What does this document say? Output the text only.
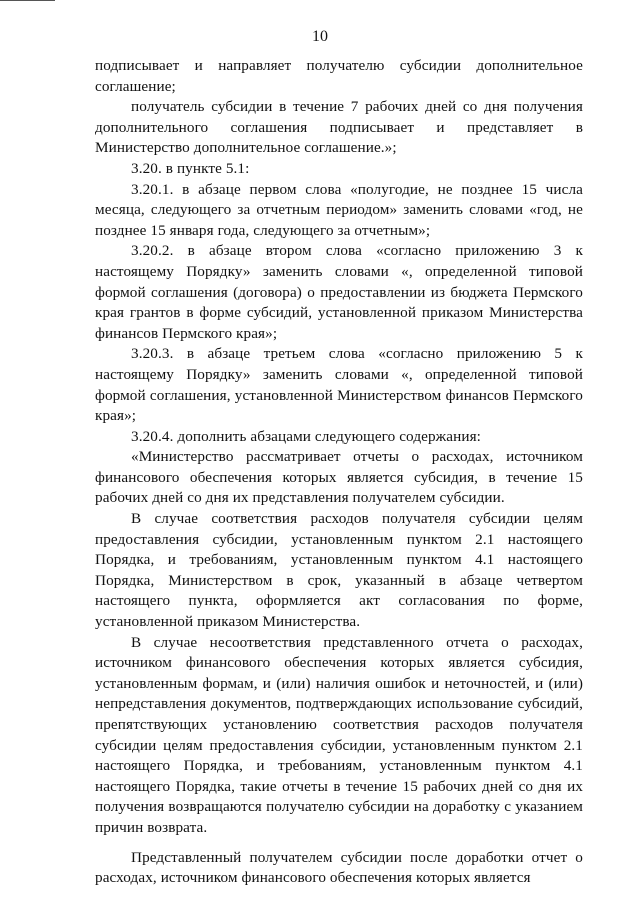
10

подписывает и направляет получателю субсидии дополнительное соглашение;

получатель субсидии в течение 7 рабочих дней со дня получения дополнительного соглашения подписывает и представляет в Министерство дополнительное соглашение.»;

3.20. в пункте 5.1:

3.20.1. в абзаце первом слова «полугодие, не позднее 15 числа месяца, следующего за отчетным периодом» заменить словами «год, не позднее 15 января года, следующего за отчетным»;

3.20.2. в абзаце втором слова «согласно приложению 3 к настоящему Порядку» заменить словами «, определенной типовой формой соглашения (договора) о предоставлении из бюджета Пермского края грантов в форме субсидий, установленной приказом Министерства финансов Пермского края»;

3.20.3. в абзаце третьем слова «согласно приложению 5 к настоящему Порядку» заменить словами «, определенной типовой формой соглашения, установленной Министерством финансов Пермского края»;

3.20.4. дополнить абзацами следующего содержания:

«Министерство рассматривает отчеты о расходах, источником финансового обеспечения которых является субсидия, в течение 15 рабочих дней со дня их представления получателем субсидии.

В случае соответствия расходов получателя субсидии целям предоставления субсидии, установленным пунктом 2.1 настоящего Порядка, и требованиям, установленным пунктом 4.1 настоящего Порядка, Министерством в срок, указанный в абзаце четвертом настоящего пункта, оформляется акт согласования по форме, установленной приказом Министерства.

В случае несоответствия представленного отчета о расходах, источником финансового обеспечения которых является субсидия, установленным формам, и (или) наличия ошибок и неточностей, и (или) непредставления документов, подтверждающих использование субсидий, препятствующих установлению соответствия расходов получателя субсидии целям предоставления субсидии, установленным пунктом 2.1 настоящего Порядка, и требованиям, установленным пунктом 4.1 настоящего Порядка, такие отчеты в течение 15 рабочих дней со дня их получения возвращаются получателю субсидии на доработку с указанием причин возврата.

Представленный получателем субсидии после доработки отчет о расходах, источником финансового обеспечения которых является
